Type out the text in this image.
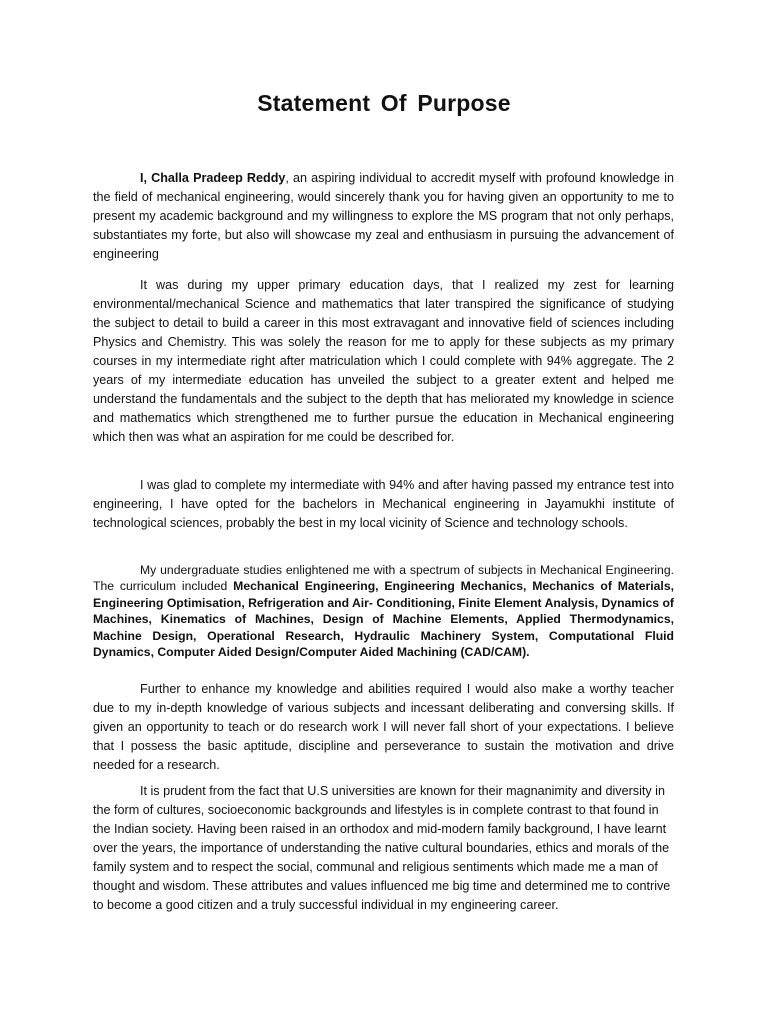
Statement Of Purpose

I, Challa Pradeep Reddy, an aspiring individual to accredit myself with profound knowledge in the field of mechanical engineering, would sincerely thank you for having given an opportunity to me to present my academic background and my willingness to explore the MS program that not only perhaps, substantiates my forte, but also will showcase my zeal and enthusiasm in pursuing the advancement of engineering

It was during my upper primary education days, that I realized my zest for learning environmental/mechanical Science and mathematics that later transpired the significance of studying the subject to detail to build a career in this most extravagant and innovative field of sciences including Physics and Chemistry. This was solely the reason for me to apply for these subjects as my primary courses in my intermediate right after matriculation which I could complete with 94% aggregate. The 2 years of my intermediate education has unveiled the subject to a greater extent and helped me understand the fundamentals and the subject to the depth that has meliorated my knowledge in science and mathematics which strengthened me to further pursue the education in Mechanical engineering which then was what an aspiration for me could be described for.

I was glad to complete my intermediate with 94% and after having passed my entrance test into engineering, I have opted for the bachelors in Mechanical engineering in Jayamukhi institute of technological sciences, probably the best in my local vicinity of Science and technology schools.

My undergraduate studies enlightened me with a spectrum of subjects in Mechanical Engineering. The curriculum included Mechanical Engineering, Engineering Mechanics, Mechanics of Materials, Engineering Optimisation, Refrigeration and Air- Conditioning, Finite Element Analysis, Dynamics of Machines, Kinematics of Machines, Design of Machine Elements, Applied Thermodynamics, Machine Design, Operational Research, Hydraulic Machinery System, Computational Fluid Dynamics, Computer Aided Design/Computer Aided Machining (CAD/CAM).

Further to enhance my knowledge and abilities required I would also make a worthy teacher due to my in-depth knowledge of various subjects and incessant deliberating and conversing skills. If given an opportunity to teach or do research work I will never fall short of your expectations. I believe that I possess the basic aptitude, discipline and perseverance to sustain the motivation and drive needed for a research.

It is prudent from the fact that U.S universities are known for their magnanimity and diversity in the form of cultures, socioeconomic backgrounds and lifestyles is in complete contrast to that found in the Indian society. Having been raised in an orthodox and mid-modern family background, I have learnt over the years, the importance of understanding the native cultural boundaries, ethics and morals of the family system and to respect the social, communal and religious sentiments which made me a man of thought and wisdom. These attributes and values influenced me big time and determined me to contrive to become a good citizen and a truly successful individual in my engineering career.
